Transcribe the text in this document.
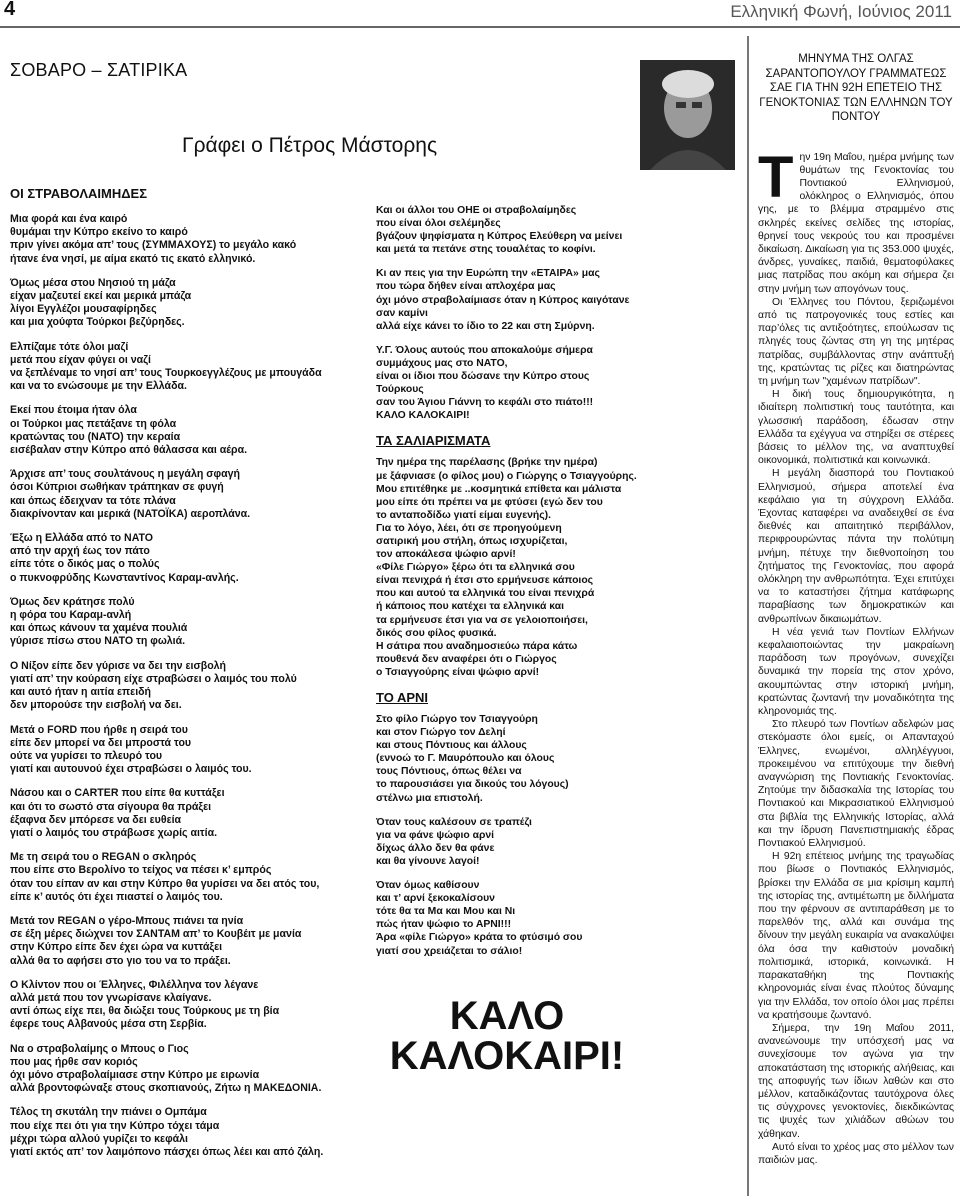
4	Ελληνική Φωνή, Ιούνιος 2011
ΣΟΒΑΡΟ – ΣΑΤΙΡΙΚΑ
ΟΙ ΣΤΡΑΒΟΛΑΙΜΗΔΕΣ

Μια φορά και ένα καιρό
θυμάμαι την Κύπρο εκείνο το καιρό
πριν γίνει ακόμα απ’ τους (ΣΥΜΜΑΧΟΥΣ) το μεγάλο κακό
ήτανε ένα νησί, με αίμα εκατό τις εκατό ελληνικό.

Όμως μέσα στου Νησιού τη μάζα
είχαν μαζευτεί εκεί και μερικά μπάζα
λίγοι Εγγλέζοι μουσαφίρηδες
και μια χούφτα Τούρκοι βεζύρηδες.

Ελπίζαμε τότε όλοι μαζί
μετά που είχαν φύγει οι ναζί
να ξεπλέναμε το νησί απ’ τους Τουρκοεγγλέζους με μπουγάδα
και να το ενώσουμε με την Ελλάδα.

Εκεί που έτοιμα ήταν όλα
οι Τούρκοι μας πετάξανε τη φόλα
κρατώντας του (ΝΑΤΟ) την κεραία
εισέβαλαν στην Κύπρο από θάλασσα και αέρα.

Άρχισε απ’ τους σουλτάνους η μεγάλη σφαγή
όσοι Κύπριοι σωθήκαν τράπηκαν σε φυγή
και όπως έδειχναν τα τότε πλάνα
διακρίνονταν και μερικά (ΝΑΤΟΪΚΑ) αεροπλάνα.

Έξω η Ελλάδα από το ΝΑΤΟ
από την αρχή έως τον πάτο
είπε τότε ο δικός μας ο πολύς
ο πυκνοφρύδης Κωνσταντίνος Καραμ-ανλής.

Όμως δεν κράτησε πολύ
η φόρα του Καραμ-ανλή
και όπως κάνουν τα χαμένα πουλιά
γύρισε πίσω στου ΝΑΤΟ τη φωλιά.

Ο Νίξον είπε δεν γύρισε να δει την εισβολή
γιατί απ’ την κούραση είχε στραβώσει ο λαιμός του πολύ
και αυτό ήταν η αιτία επειδή
δεν μπορούσε την εισβολή να δει.

Μετά ο FORD που ήρθε η σειρά του
είπε δεν μπορεί να δει μπροστά του
ούτε να γυρίσει το πλευρό του
γιατί και αυτουνού έχει στραβώσει ο λαιμός του.

Νάσου και ο CARTER που είπε θα κυττάξει
και ότι το σωστό στα σίγουρα θα πράξει
έξαφνα δεν μπόρεσε να δει ευθεία
γιατί ο λαιμός του στράβωσε χωρίς αιτία.

Με τη σειρά του ο REGAN ο σκληρός
που είπε στο Βερολίνο το τείχος να πέσει κ’ εμπρός
όταν του είπαν αν και στην Κύπρο θα γυρίσει να δει ατός του,
είπε κ’ αυτός ότι έχει πιαστεί ο λαιμός του.

Μετά τον REGAN ο γέρο-Μπους πιάνει τα ηνία
σε έξη μέρες διώχνει τον ΣΑΝΤΑΜ απ’ το Κουβέιτ με μανία
στην Κύπρο είπε δεν έχει ώρα να κυττάξει
αλλά θα το αφήσει στο γιο του να το πράξει.

Ο Κλίντον που οι Έλληνες, Φιλέλληνα τον λέγανε
αλλά μετά που τον γνωρίσανε κλαίγανε.
αντί όπως είχε πει, θα διώξει τους Τούρκους με τη βία
έφερε τους Αλβανούς μέσα στη Σερβία.

Να ο στραβολαίμης ο Μπους ο Γιος
που μας ήρθε σαν κοριός
όχι μόνο στραβολαίμιασε στην Κύπρο με ειρωνία
αλλά βροντοφώναξε στους σκοπιανούς, Ζήτω η ΜΑΚΕΔΟΝΙΑ.

Τέλος τη σκυτάλη την πιάνει ο Ομπάμα
που είχε πει ότι για την Κύπρο τόχει τάμα
μέχρι τώρα αλλού γυρίζει το κεφάλι
γιατί εκτός απ’ τον λαιμόπονο πάσχει όπως λέει και από ζάλη.

Γράφει ο Πέτρος Μάστορης

Και οι άλλοι του ΟΗΕ οι στραβολαίμηδες
που είναι όλοι σελέμηδες
βγάζουν ψηφίσματα η Κύπρος Ελεύθερη να μείνει
και μετά τα πετάνε στης τουαλέτας το κοφίνι.

Κι αν πεις για την Ευρώπη την «ΕΤΑΙΡΑ» μας
που τώρα δήθεν είναι απλοχέρα μας
όχι μόνο στραβολαίμιασε όταν η Κύπρος καιγότανε σαν καμίνι
αλλά είχε κάνει το ίδιο το 22 και στη Σμύρνη.

Υ.Γ. Όλους αυτούς που αποκαλούμε σήμερα
συμμάχους μας στο ΝΑΤΟ,
είναι οι ίδιοι που δώσανε την Κύπρο στους Τούρκους
σαν του Άγιου Γιάννη το κεφάλι στο πιάτο!!!
ΚΑΛΟ ΚΑΛΟΚΑΙΡΙ!

ΤΑ ΣΑΛΙΑΡΙΣΜΑΤΑ

Την ημέρα της παρέλασης (βρήκε την ημέρα)
με ξάφνιασε (ο φίλος μου) ο Γιώργης ο Τσιαγγούρης.
Μου επιτέθηκε με ..κοσμητικά επίθετα και μάλιστα
μου είπε ότι πρέπει να με φτύσει (εγώ δεν του
το ανταποδίδω γιατί είμαι ευγενής).
Για το λόγο, λέει, ότι σε προηγούμενη
σατιρική μου στήλη, όπως ισχυρίζεται,
τον αποκάλεσα ψώφιο αρνί!
«Φίλε Γιώργο» ξέρω ότι τα ελληνικά σου
είναι πενιχρά ή έτσι στο ερμήνευσε κάποιος
που και αυτού τα ελληνικά του είναι πενιχρά
ή κάποιος που κατέχει τα ελληνικά και
τα ερμήνευσε έτσι για να σε γελοιοποιήσει,
δικός σου φίλος φυσικά.
Η σάτιρα που αναδημοσιεύω πάρα κάτω
πουθενά δεν αναφέρει ότι ο Γιώργος
ο Τσιαγγούρης είναι ψώφιο αρνί!

ΤΟ ΑΡΝΙ

Στο φίλο Γιώργο τον Τσιαγγούρη
και στον Γιώργο τον Δεληί
και στους Πόντιους και άλλους
(εννοώ το Γ. Μαυρόπουλο και όλους
τους Πόντιους, όπως θέλει να
το παρουσιάσει για δικούς του λόγους)
στέλνω μια επιστολή.

Όταν τους καλέσουν σε τραπέζι
για να φάνε ψώφιο αρνί
δίχως άλλο δεν θα φάνε
και θα γίνουνε λαγοί!

Όταν όμως καθίσουν
και τ’ αρνί ξεκοκαλίσουν
τότε θα τα Μα και Μου και Νι
πώς ήταν ψώφιο το ΑΡΝΙ!!!
Άρα «φίλε Γιώργο» κράτα το φτύσιμό σου
γιατί σου χρειάζεται το σάλιο!

ΚΑΛΟ ΚΑΛΟΚΑΙΡΙ!
ΜΗΝΥΜΑ ΤΗΣ ΟΛΓΑΣ ΣΑΡΑΝΤΟΠΟΥΛΟΥ ΓΡΑΜΜΑΤΕΩΣ ΣΑΕ ΓΙΑ ΤΗΝ 92Η ΕΠΕΤΕΙΟ ΤΗΣ ΓΕΝΟΚΤΟΝΙΑΣ ΤΩΝ ΕΛΛΗΝΩΝ ΤΟΥ ΠΟΝΤΟΥ

Την 19η Μαΐου, ημέρα μνήμης των θυμάτων της Γενοκτονίας του Ποντιακού Ελληνισμού, ολόκληρος ο Ελληνισμός, όπου γης, με το βλέμμα στραμμένο στις σκληρές εκείνες σελίδες της ιστορίας, θρηνεί τους νεκρούς του και προσμένει δικαίωση. Δικαίωση για τις 353.000 ψυχές, άνδρες, γυναίκες, παιδιά, θεματοφύλακες μιας πατρίδας που ακόμη και σήμερα ζει στην μνήμη των απογόνων τους.

Οι Έλληνες του Πόντου, ξεριζωμένοι από τις πατρογονικές τους εστίες και παρ’όλες τις αντιξοότητες, επούλωσαν τις πληγές τους ζώντας στη γη της μητέρας πατρίδας, συμβάλλοντας στην ανάπτυξή της, κρατώντας τις ρίζες και διατηρώντας τη μνήμη των "χαμένων πατρίδων".

Η δική τους δημιουργικότητα, η ιδιαίτερη πολιτιστική τους ταυτότητα, και γλωσσική παράδοση, έδωσαν στην Ελλάδα τα εχέγγυα να στηρίξει σε στέρεες βάσεις το μέλλον της, να αναπτυχθεί οικονομικά, πολιτιστικά και κοινωνικά.

Η μεγάλη διασπορά του Ποντιακού Ελληνισμού, σήμερα αποτελεί ένα κεφάλαιο για τη σύγχρονη Ελλάδα. Έχοντας καταφέρει να αναδειχθεί σε ένα διεθνές και απαιτητικό περιβάλλον, περιφρουρώντας πάντα την πολύτιμη μνήμη, πέτυχε την διεθνοποίηση του ζητήματος της Γενοκτονίας, που αφορά ολόκληρη την ανθρωπότητα. Έχει επιτύχει να το καταστήσει ζήτημα κατάφωρης παραβίασης των δημοκρατικών και ανθρωπίνων δικαιωμάτων.

Η νέα γενιά των Ποντίων Ελλήνων κεφαλαιοποιώντας την μακραίωνη παράδοση των προγόνων, συνεχίζει δυναμικά την πορεία της στον χρόνο, ακουμπώντας στην ιστορική μνήμη, κρατώντας ζωντανή την μοναδικότητα της κληρονομιάς της.

Στο πλευρό των Ποντίων αδελφών μας στεκόμαστε όλοι εμείς, οι Απανταχού Έλληνες, ενωμένοι, αλληλέγγυοι, προκειμένου να επιτύχουμε την διεθνή αναγνώριση της Ποντιακής Γενοκτονίας. Ζητούμε την διδασκαλία της Ιστορίας του Ποντιακού και Μικρασιατικού Ελληνισμού στα βιβλία της Ελληνικής Ιστορίας, αλλά και την ίδρυση Πανεπιστημιακής έδρας Ποντιακού Ελληνισμού.

Η 92η επέτειος μνήμης της τραγωδίας που βίωσε ο Ποντιακός Ελληνισμός, βρίσκει την Ελλάδα σε μια κρίσιμη καμπή της ιστορίας της, αντιμέτωπη με διλλήματα που την φέρνουν σε αντιπαράθεση με το παρελθόν της, αλλά και συνάμα της δίνουν την μεγάλη ευκαιρία να ανακαλύψει όλα όσα την καθιστούν μοναδική πολιτισμικά, ιστορικά, κοινωνικά. Η παρακαταθήκη της Ποντιακής κληρονομιάς είναι ένας πλούτος δύναμης για την Ελλάδα, τον οποίο όλοι μας πρέπει να κρατήσουμε ζωντανό.

Σήμερα, την 19η Μαΐου 2011, ανανεώνουμε την υπόσχεσή μας να συνεχίσουμε τον αγώνα για την αποκατάσταση της ιστορικής αλήθειας, και της αποφυγής των ίδιων λαθών και στο μέλλον, καταδικάζοντας ταυτόχρονα όλες τις σύγχρονες γενοκτονίες, διεκδικώντας τις ψυχές των χιλιάδων αθώων του χάθηκαν.

Αυτό είναι το χρέος μας στο μέλλον των παιδιών μας.
